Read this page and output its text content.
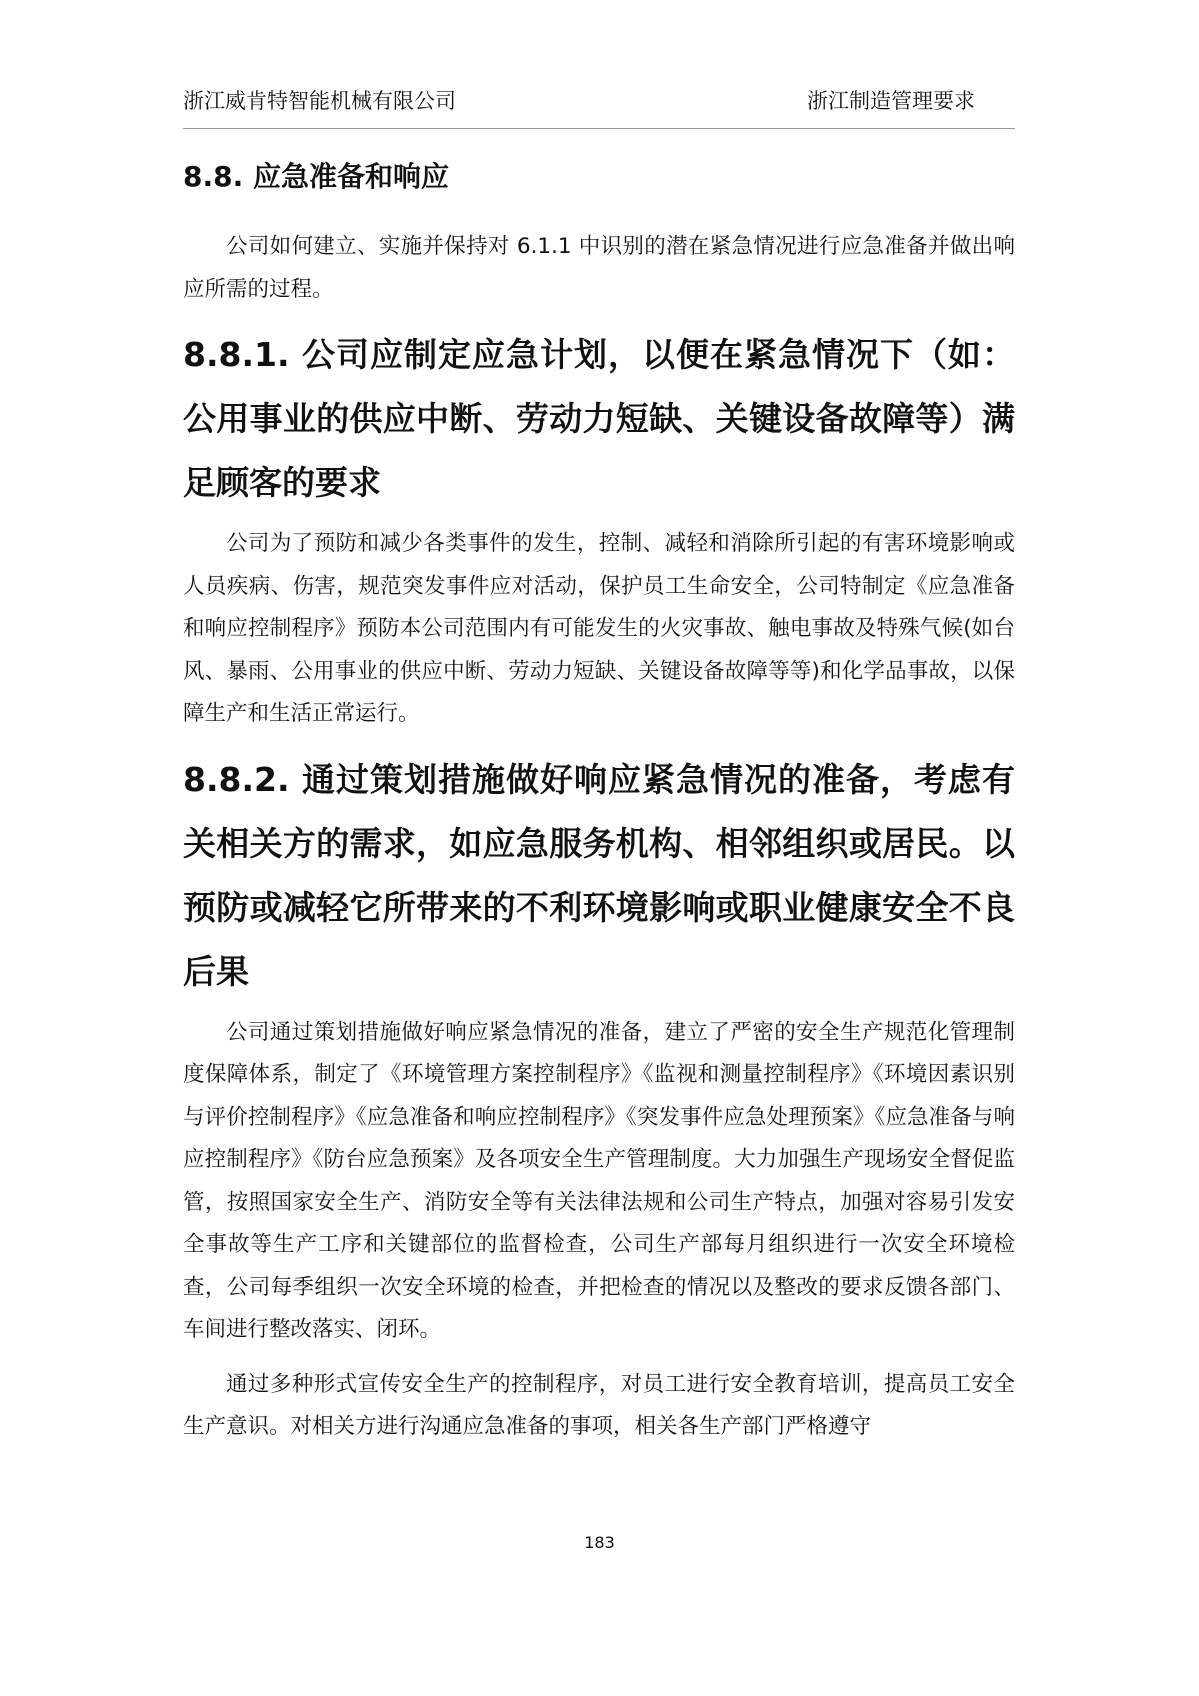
浙江威肯特智能机械有限公司	浙江制造管理要求
8.8. 应急准备和响应

公司如何建立、实施并保持对 6.1.1 中识别的潜在紧急情况进行应急准备并做出响应所需的过程。

8.8.1. 公司应制定应急计划，以便在紧急情况下（如：公用事业的供应中断、劳动力短缺、关键设备故障等）满足顾客的要求

公司为了预防和减少各类事件的发生，控制、减轻和消除所引起的有害环境影响或人员疾病、伤害，规范突发事件应对活动，保护员工生命安全，公司特制定《应急准备和响应控制程序》预防本公司范围内有可能发生的火灾事故、触电事故及特殊气候(如台风、暴雨、公用事业的供应中断、劳动力短缺、关键设备故障等等)和化学品事故，以保障生产和生活正常运行。

8.8.2. 通过策划措施做好响应紧急情况的准备，考虑有关相关方的需求，如应急服务机构、相邻组织或居民。以预防或减轻它所带来的不利环境影响或职业健康安全不良后果

公司通过策划措施做好响应紧急情况的准备，建立了严密的安全生产规范化管理制度保障体系，制定了《环境管理方案控制程序》《监视和测量控制程序》《环境因素识别与评价控制程序》《应急准备和响应控制程序》《突发事件应急处理预案》《应急准备与响应控制程序》《防台应急预案》及各项安全生产管理制度。大力加强生产现场安全督促监管，按照国家安全生产、消防安全等有关法律法规和公司生产特点，加强对容易引发安全事故等生产工序和关键部位的监督检查，公司生产部每月组织进行一次安全环境检查，公司每季组织一次安全环境的检查，并把检查的情况以及整改的要求反馈各部门、车间进行整改落实、闭环。

通过多种形式宣传安全生产的控制程序，对员工进行安全教育培训，提高员工安全生产意识。对相关方进行沟通应急准备的事项，相关各生产部门严格遵守

183
